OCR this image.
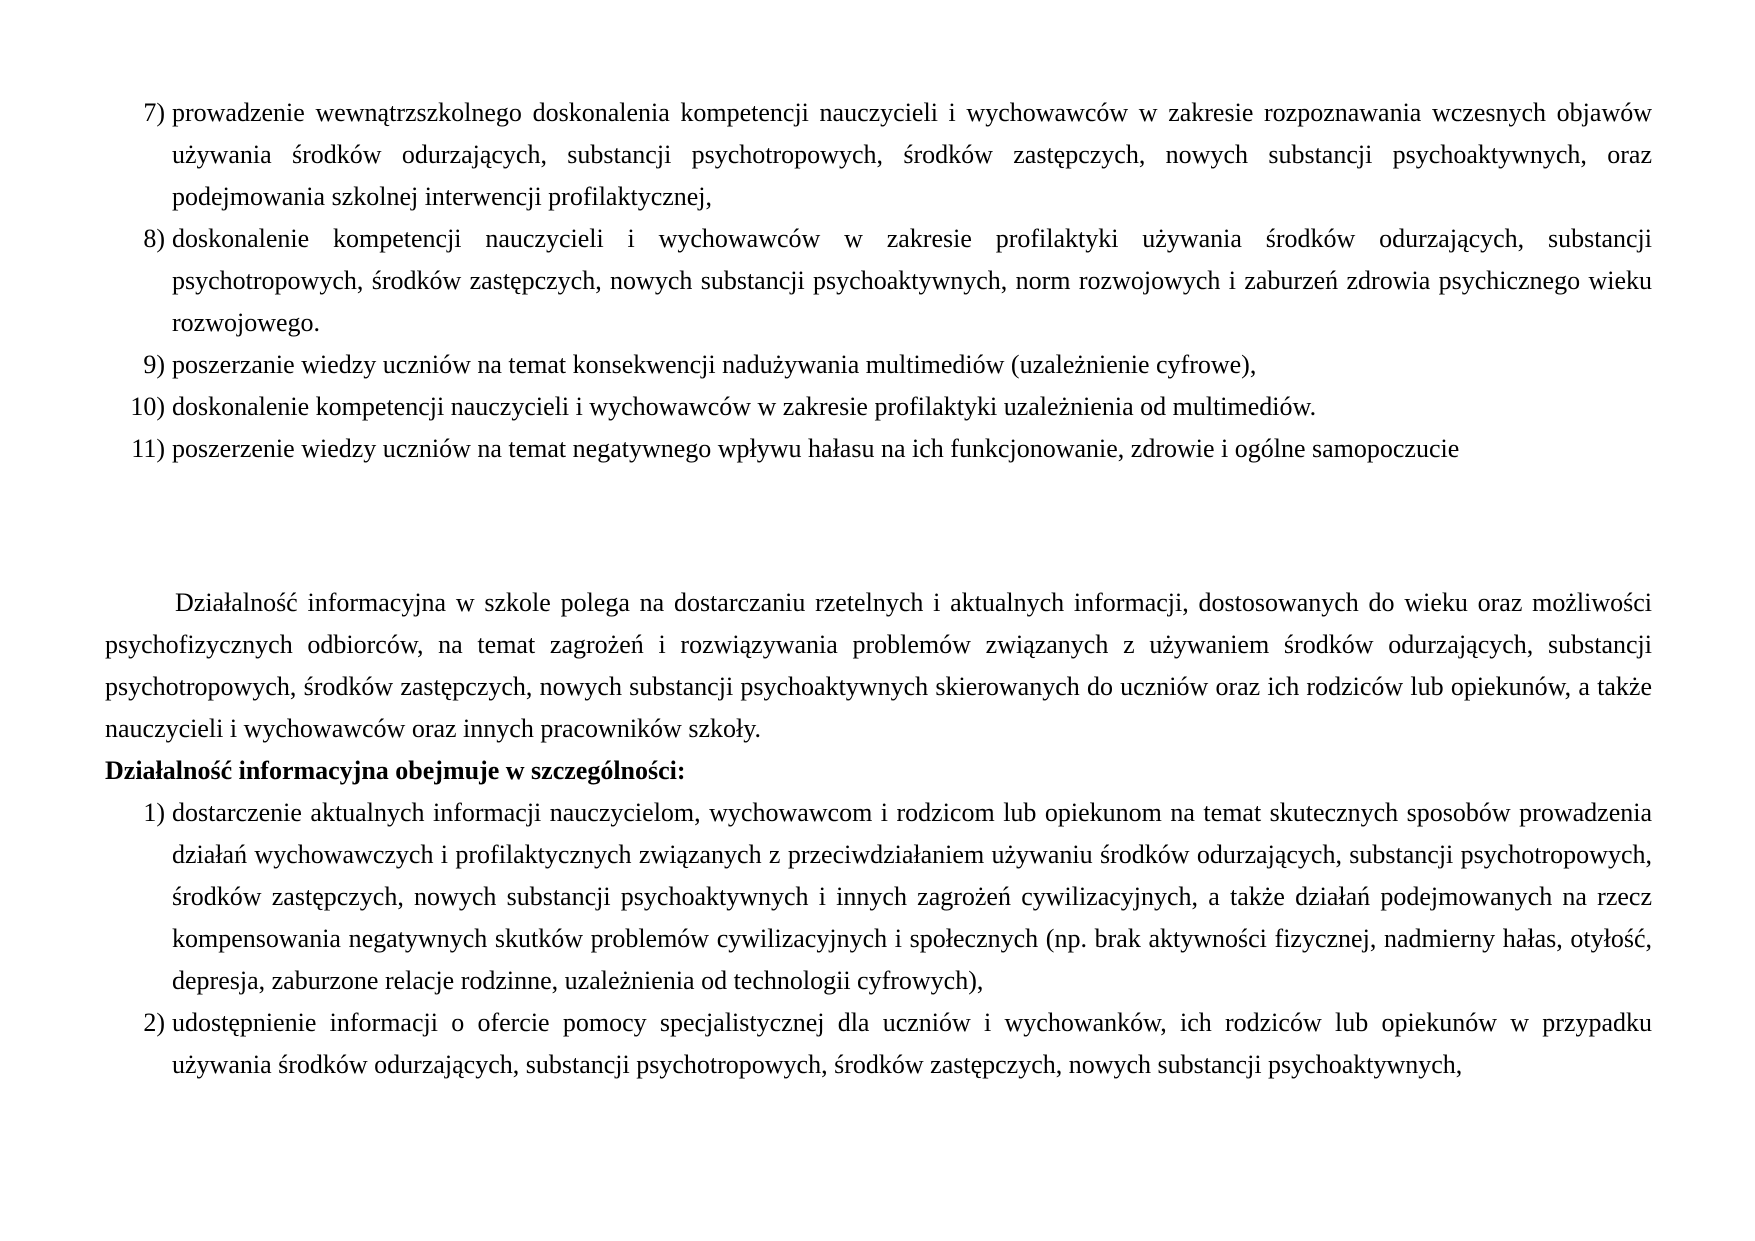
7) prowadzenie wewnątrzszkolnego doskonalenia kompetencji nauczycieli i wychowawców w zakresie rozpoznawania wczesnych objawów używania środków odurzających, substancji psychotropowych, środków zastępczych, nowych substancji psychoaktywnych, oraz podejmowania szkolnej interwencji profilaktycznej,
8) doskonalenie kompetencji nauczycieli i wychowawców w zakresie profilaktyki używania środków odurzających, substancji psychotropowych, środków zastępczych, nowych substancji psychoaktywnych, norm rozwojowych i zaburzeń zdrowia psychicznego wieku rozwojowego.
9) poszerzanie wiedzy uczniów na temat konsekwencji nadużywania multimediów (uzależnienie cyfrowe),
10) doskonalenie kompetencji nauczycieli i wychowawców w zakresie profilaktyki uzależnienia od multimediów.
11) poszerzenie wiedzy uczniów na temat negatywnego wpływu hałasu na ich funkcjonowanie, zdrowie i ogólne samopoczucie

Działalność informacyjna w szkole polega na dostarczaniu rzetelnych i aktualnych informacji, dostosowanych do wieku oraz możliwości psychofizycznych odbiorców, na temat zagrożeń i rozwiązywania problemów związanych z używaniem środków odurzających, substancji psychotropowych, środków zastępczych, nowych substancji psychoaktywnych skierowanych do uczniów oraz ich rodziców lub opiekunów, a także nauczycieli i wychowawców oraz innych pracowników szkoły.

Działalność informacyjna obejmuje w szczególności:
1) dostarczenie aktualnych informacji nauczycielom, wychowawcom i rodzicom lub opiekunom na temat skutecznych sposobów prowadzenia działań wychowawczych i profilaktycznych związanych z przeciwdziałaniem używaniu środków odurzających, substancji psychotropowych, środków zastępczych, nowych substancji psychoaktywnych i innych zagrożeń cywilizacyjnych, a także działań podejmowanych na rzecz kompensowania negatywnych skutków problemów cywilizacyjnych i społecznych (np. brak aktywności fizycznej, nadmierny hałas, otyłość, depresja, zaburzone relacje rodzinne, uzależnienia od technologii cyfrowych),
2) udostępnienie informacji o ofercie pomocy specjalistycznej dla uczniów i wychowanków, ich rodziców lub opiekunów w przypadku używania środków odurzających, substancji psychotropowych, środków zastępczych, nowych substancji psychoaktywnych,
